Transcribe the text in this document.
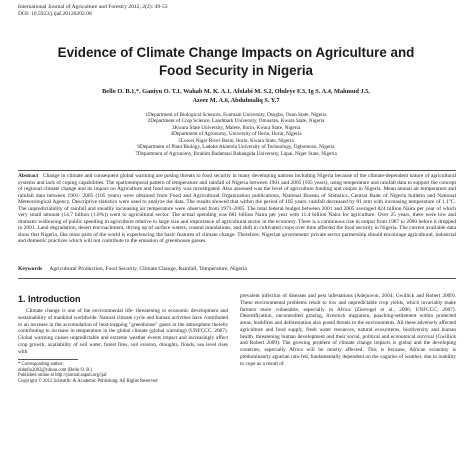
International Journal of Agriculture and Forestry 2012, 2(2): 49-53
DOI: 10.5923/j.ijaf.20120202.08
Evidence of Climate Change Impacts on Agriculture and
Food Security in Nigeria
Bello O. B.1,*, Ganiyu O. T.1, Wahab M. K. A.1, Afolabi M. S.2, Oluleye F.3, Ig S. A.4, Mahmud J.5,
Azeez M. A.6, Abdulmaliq S. Y.7
1Department of Biological Sciences, Fountain University, Osogbo, Osun State, Nigeria
2Department of Crop Science, Landmark University, Omuaran, Kwara State, Nigeria
3Kwara State University, Malete, Ilorin, Kwara State, Nigeria
4Department of Agronomy, University of Ilorin, Ilorin, Nigeria
5Lower Niger River Basin, Ilorin, Kwara State, Nigeria
6Department of Plant Biology, Ladoke Akintola University of Technology, Ogbomoso, Nigeria
7Department of Agronomy, Ibrahim Badamasi Babangida University, Lapai, Niger State, Nigeria
Abstract Change in climate and consequent global warming are posing threats to food security in many developing nations including Nigeria because of the climate-dependent nature of agricultural systems and lack of coping capabilities. The spatiotemporal pattern of temperature and rainfall of Nigeria between 1901 and 2005 (105 years), using temperature and rainfall data to support the concept of regional climate change and its impact on Agriculture and food security was investigated. Also assessed was the level of agriculture funding and output in Nigeria. Mean annual air temperature and rainfall data between 1901- 2005 (105 years) were obtained from Food and Agricultural Organization publications, National Bureau of Statistics, Central Bank of Nigeria bulletin and National Meteorological Agency. Descriptive statistics were used to analyze the data. The results showed that within the period of 105 years, rainfall decreased by 81 mm with increasing temperature of 1.1°C. The unpredictability of rainfall and steadily increasing air temperature were observed from 1971-2005. The total federal budget between 2001 and 2005 averaged 824 billion Naira per year of which very small amount (14.7 billion (1.8%)) went to agricultural sector. The actual spending was 681 billion Naira per year with 11.4 billion Naira for agriculture. Over 25 years, there were low and dramatic wallowing of public spending in agriculture relative to large size and importance of agricultural sector in the economy. There is a continuous rise in output from 1987 to 2000 before it dropped in 2001. Land degradation, desert encroachment, drying up of surface waters, coastal inundations, and shift in cultivated crops over time affected the food security in Nigeria. The current available data show that Nigeria, like most parts of the world is experiencing the basic features of climate change. Therefore, Nigerian government/ private sector partnership should encourage agricultural, industrial and domestic practices which will not contribute to the emission of greenhouse gasses.
Keywords Agricultural Production, Food Security, Climate Change, Rainfall, Temperature, Nigeria
1. Introduction
Climate change is one of the environmental life- threatening to economic development and sustainability of mankind worldwide. Natural climate cycle and human activities have contributed to an increase in the accumulation of heat-trapping "greenhouse" gases in the atmosphere thereby contributing to increase in temperature in the global climate (global warming) (UNFCCC, 2007). Global warming causes unpredictable and extreme weather events impact and increasingly affect crop growth, availability of soil water, forest fires, soil erosion, droughts, floods, sea level rises with
* Corresponding author:
obbello2002@yahoo.com (Bello O. B.)
Published online at http://journal.sapub.org/ijaf
Copyright © 2012 Scientific & Academic Publishing. All Rights Reserved
prevalent infection of diseases and pest infestations (Adejuwon, 2004; Gwillick and Robert 2009). These environmental problems result to low and unpredictable crop yields, which invariably make farmers more vulnerable, especially in Africa (Zierrogel et al., 2006; UNFCCC, 2007). Desertification, uncontrolled grazing, livestock migration, poaching/settlement within protected areas, bushfires and deforestation also posed threats to the environments. All these adversely affected agriculture and food supply, fresh water resources, natural ecosystems, biodiversity and human health, threatening human development and their social, political and economical survival (Gwillick and Robert 2009). The growing problem of climate change impacts is global and the developing countries, especially Africa will be mostly affected. This is because, African economy is predominantly agrarian rain-fed, fundamentally dependent on the vagaries of weather, due to inability to cope as a result of
